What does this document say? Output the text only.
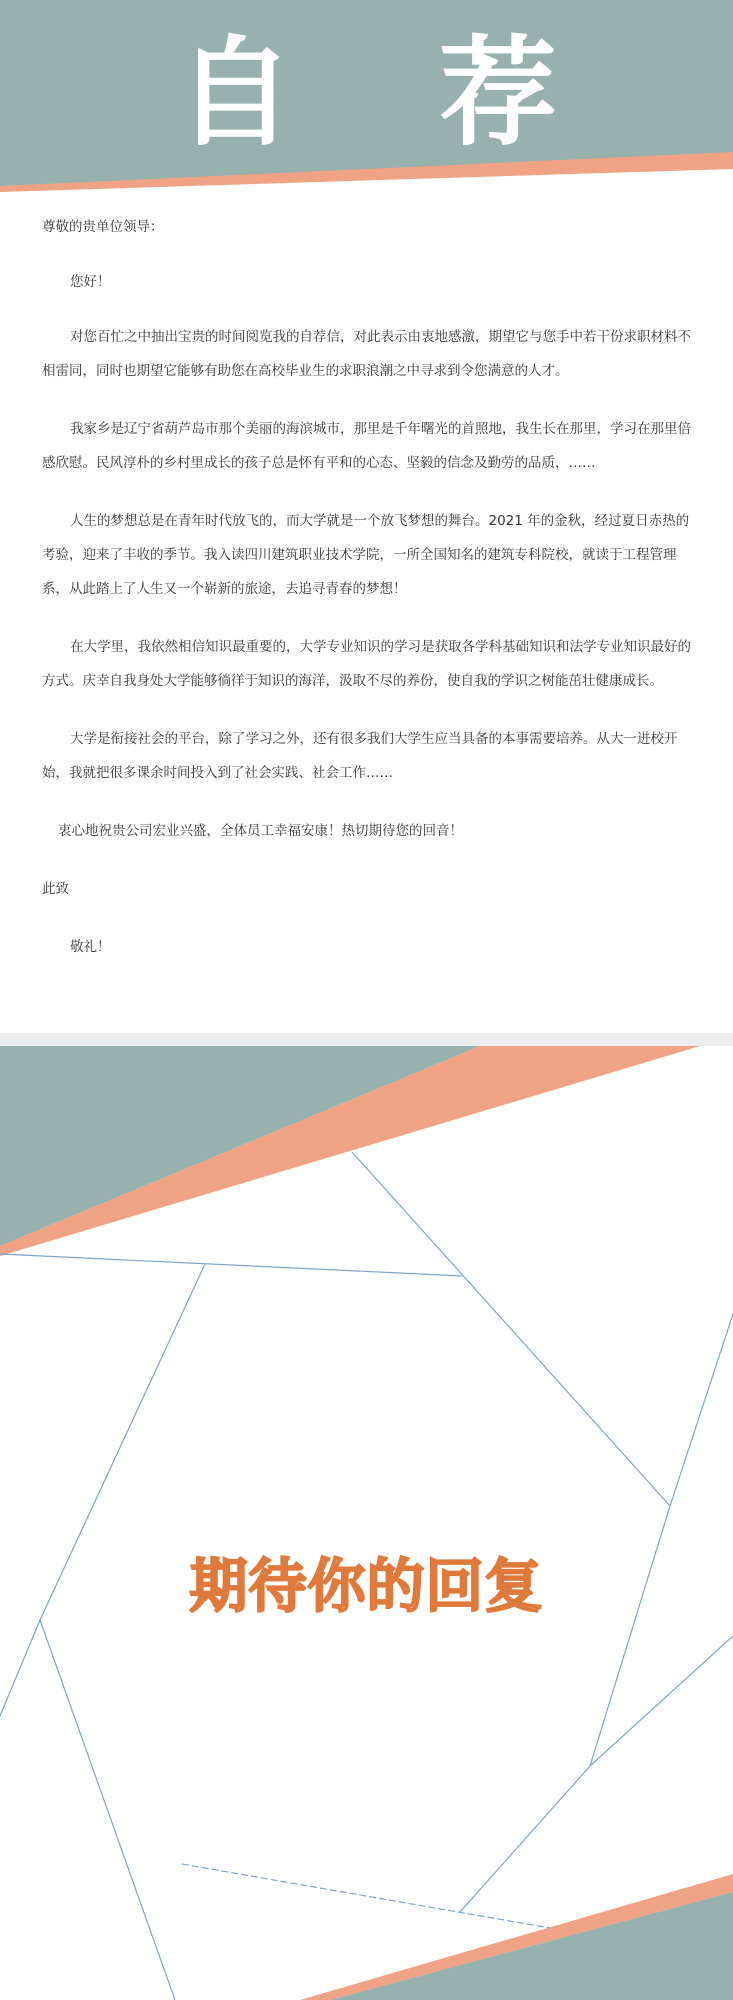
自 荐 信

尊敬的贵单位领导：

您好！

对您百忙之中抽出宝贵的时间阅览我的自荐信，对此表示由衷地感激，期望它与您手中若干份求职材料不相雷同，同时也期望它能够有助您在高校毕业生的求职浪潮之中寻求到令您满意的人才。

我家乡是辽宁省葫芦岛市那个美丽的海滨城市，那里是千年曙光的首照地，我生长在那里，学习在那里倍感欣慰。民风淳朴的乡村里成长的孩子总是怀有平和的心态、坚毅的信念及勤劳的品质，……

人生的梦想总是在青年时代放飞的，而大学就是一个放飞梦想的舞台。2021 年的金秋，经过夏日赤热的考验，迎来了丰收的季节。我入读四川建筑职业技术学院，一所全国知名的建筑专科院校，就读于工程管理系，从此踏上了人生又一个崭新的旅途，去追寻青春的梦想！

在大学里，我依然相信知识最重要的，大学专业知识的学习是获取各学科基础知识和法学专业知识最好的方式。庆幸自我身处大学能够徜徉于知识的海洋，汲取不尽的养份，使自我的学识之树能茁壮健康成长。

大学是衔接社会的平台，除了学习之外，还有很多我们大学生应当具备的本事需要培养。从大一进校开始，我就把很多课余时间投入到了社会实践、社会工作……

衷心地祝贵公司宏业兴盛，全体员工幸福安康！热切期待您的回音！

此致

敬礼！

期待你的回复
